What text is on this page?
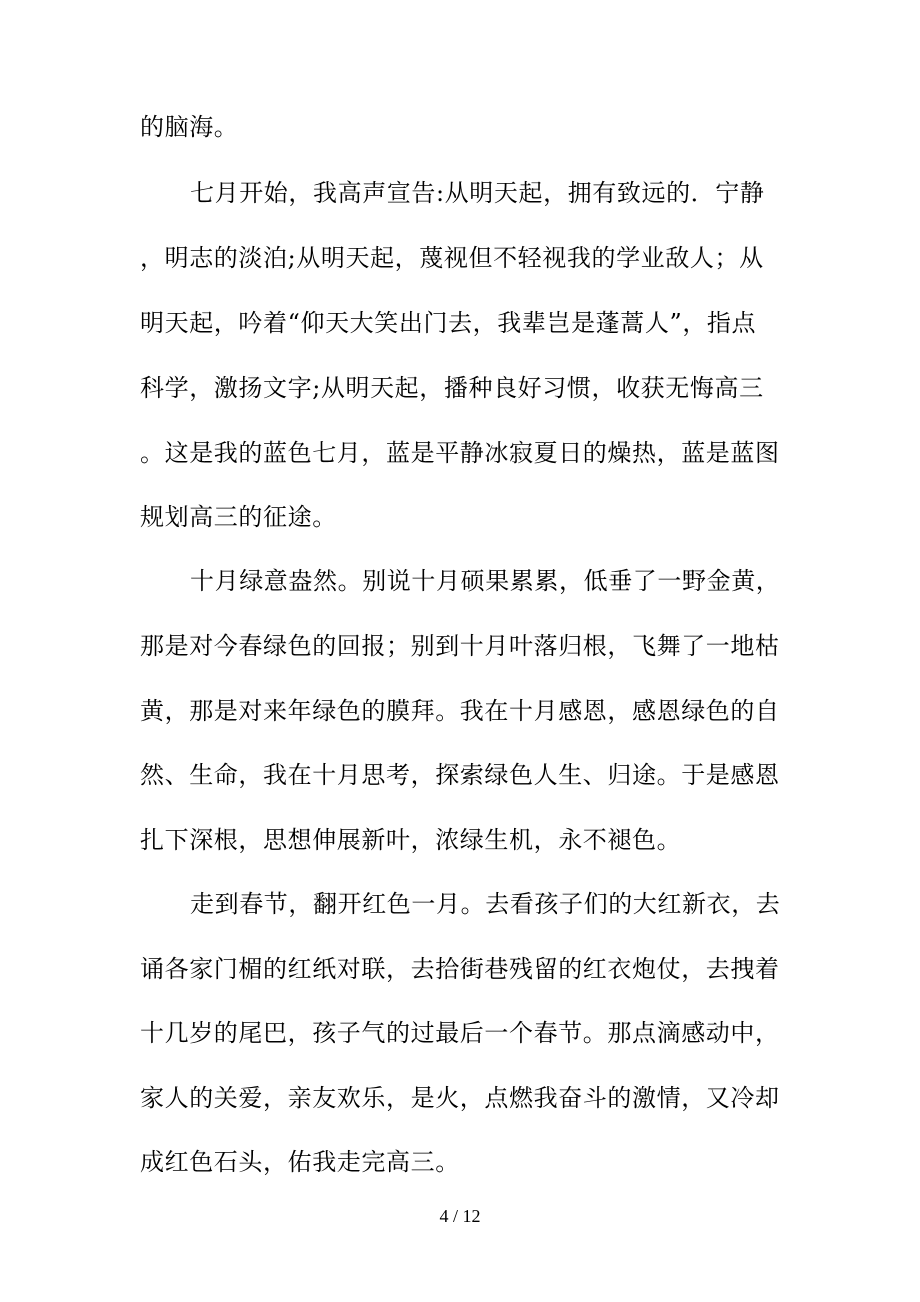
的脑海。
七月开始，我高声宣告:从明天起，拥有致远的．宁静
，明志的淡泊;从明天起，蔑视但不轻视我的学业敌人；从
明天起，吟着“仰天大笑出门去，我辈岂是蓬蒿人”，指点
科学，激扬文字;从明天起，播种良好习惯，收获无悔高三
。这是我的蓝色七月，蓝是平静冰寂夏日的燥热，蓝是蓝图
规划高三的征途。
十月绿意盎然。别说十月硕果累累，低垂了一野金黄，
那是对今春绿色的回报；别到十月叶落归根，飞舞了一地枯
黄，那是对来年绿色的膜拜。我在十月感恩，感恩绿色的自
然、生命，我在十月思考，探索绿色人生、归途。于是感恩
扎下深根，思想伸展新叶，浓绿生机，永不褪色。
走到春节，翻开红色一月。去看孩子们的大红新衣，去
诵各家门楣的红纸对联，去拾街巷残留的红衣炮仗，去拽着
十几岁的尾巴，孩子气的过最后一个春节。那点滴感动中，
家人的关爱，亲友欢乐，是火，点燃我奋斗的激情，又冷却
成红色石头，佑我走完高三。
4 / 12
